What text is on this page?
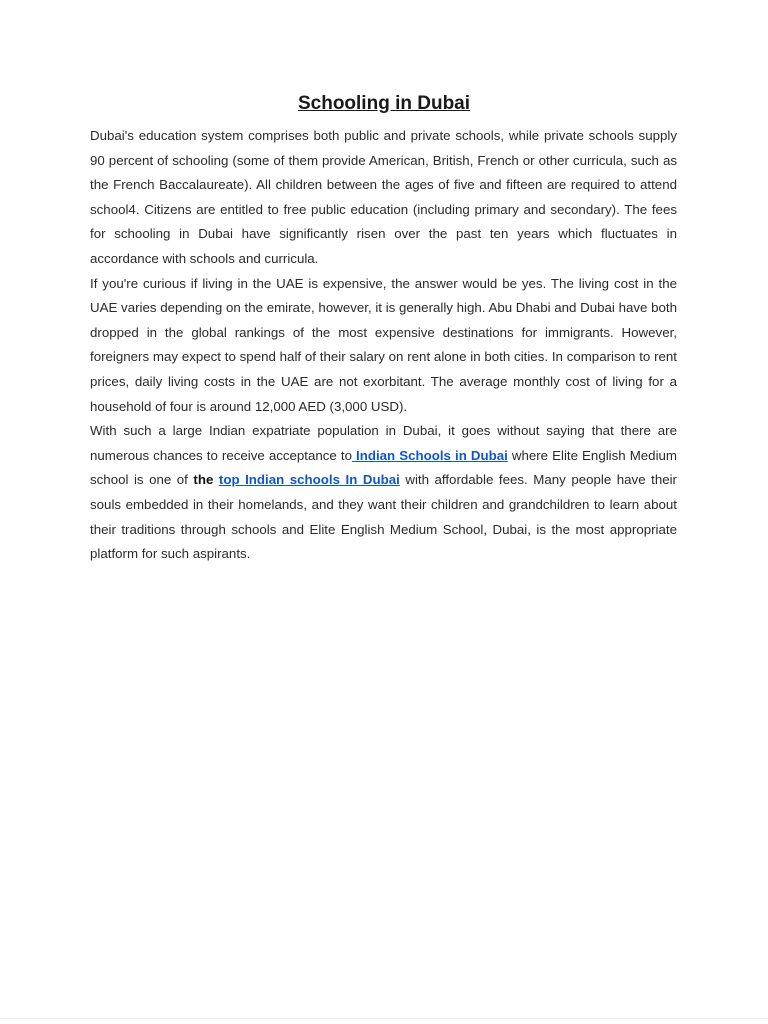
Schooling in Dubai

Dubai's education system comprises both public and private schools, while private schools supply 90 percent of schooling (some of them provide American, British, French or other curricula, such as the French Baccalaureate). All children between the ages of five and fifteen are required to attend school4. Citizens are entitled to free public education (including primary and secondary). The fees for schooling in Dubai have significantly risen over the past ten years which fluctuates in accordance with schools and curricula.

If you're curious if living in the UAE is expensive, the answer would be yes. The living cost in the UAE varies depending on the emirate, however, it is generally high. Abu Dhabi and Dubai have both dropped in the global rankings of the most expensive destinations for immigrants. However, foreigners may expect to spend half of their salary on rent alone in both cities. In comparison to rent prices, daily living costs in the UAE are not exorbitant. The average monthly cost of living for a household of four is around 12,000 AED (3,000 USD).

With such a large Indian expatriate population in Dubai, it goes without saying that there are numerous chances to receive acceptance to Indian Schools in Dubai where Elite English Medium school is one of the top Indian schools In Dubai with affordable fees. Many people have their souls embedded in their homelands, and they want their children and grandchildren to learn about their traditions through schools and Elite English Medium School, Dubai, is the most appropriate platform for such aspirants.
